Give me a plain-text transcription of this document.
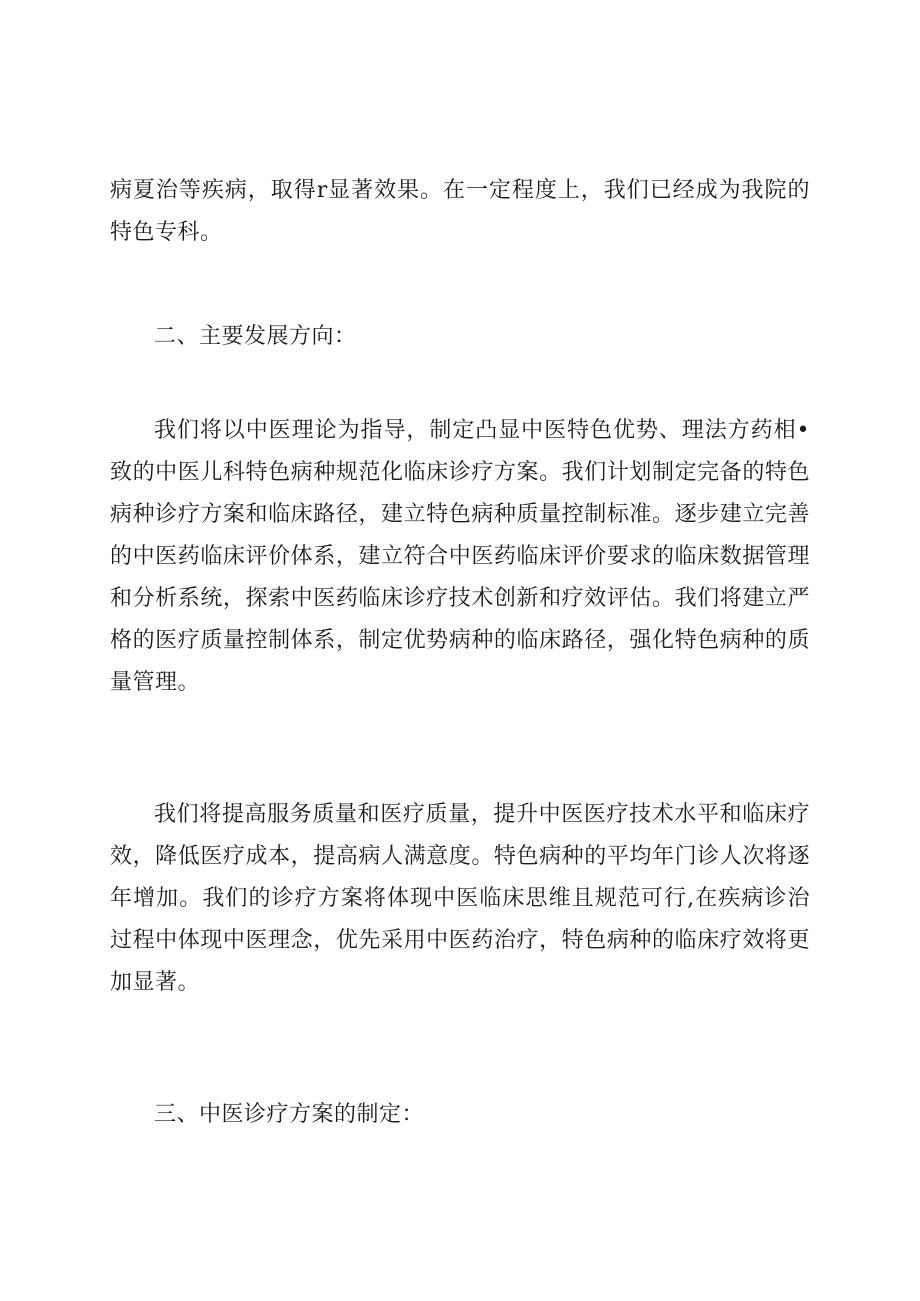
病夏治等疾病，取得r显著效果。在一定程度上，我们已经成为我院的特色专科。

二、主要发展方向：

我们将以中医理论为指导，制定凸显中医特色优势、理法方药相•致的中医儿科特色病种规范化临床诊疗方案。我们计划制定完备的特色病种诊疗方案和临床路径，建立特色病种质量控制标准。逐步建立完善的中医药临床评价体系，建立符合中医药临床评价要求的临床数据管理和分析系统，探索中医药临床诊疗技术创新和疗效评估。我们将建立严格的医疗质量控制体系，制定优势病种的临床路径，强化特色病种的质量管理。

我们将提高服务质量和医疗质量，提升中医医疗技术水平和临床疗效，降低医疗成本，提高病人满意度。特色病种的平均年门诊人次将逐年增加。我们的诊疗方案将体现中医临床思维且规范可行,在疾病诊治过程中体现中医理念，优先采用中医药治疗，特色病种的临床疗效将更加显著。

三、中医诊疗方案的制定：
